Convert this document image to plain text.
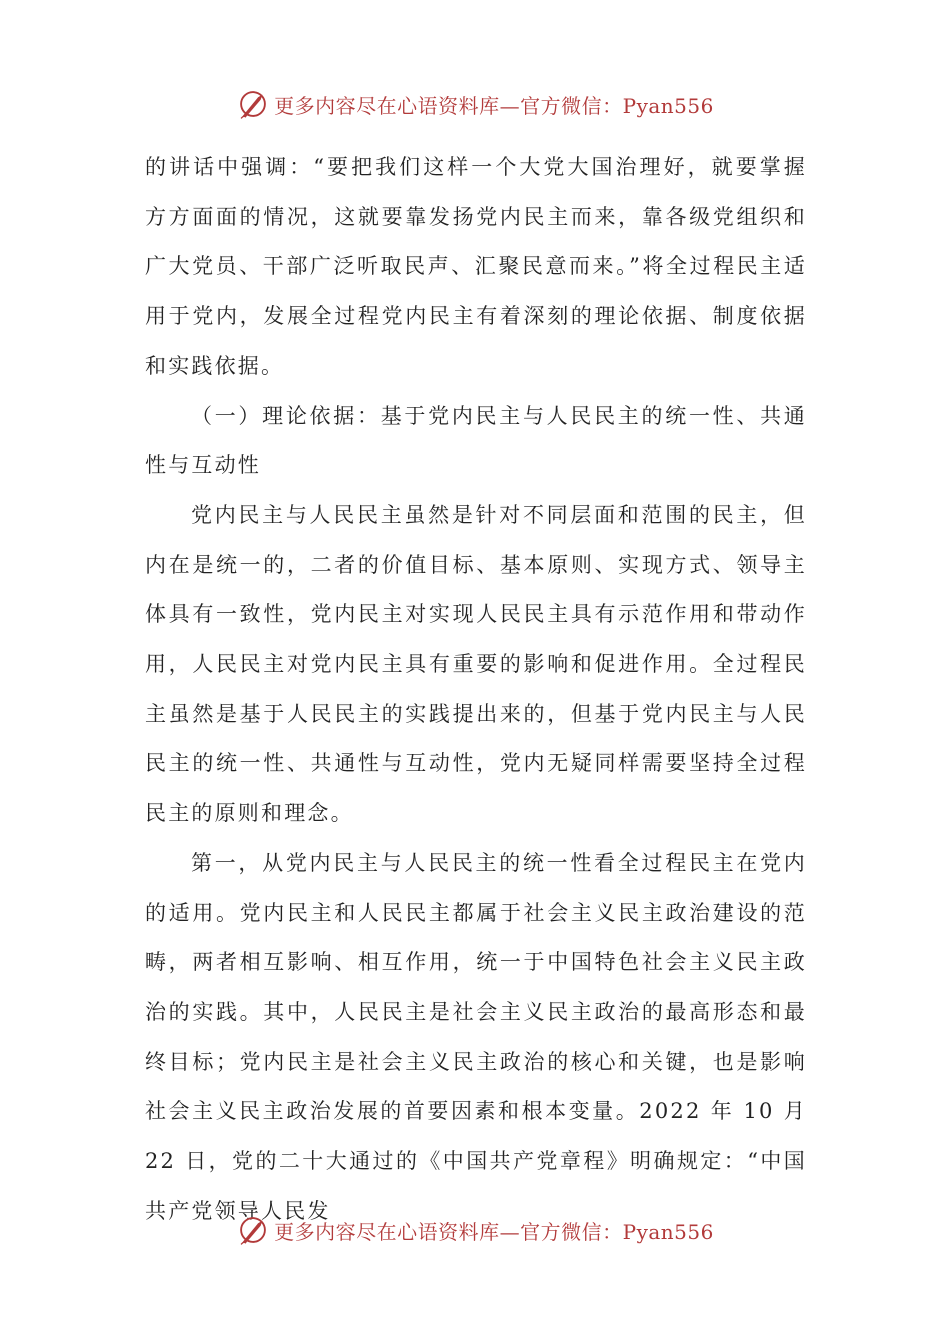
更多内容尽在心语资料库—官方微信：Pyan556

的讲话中强调：“要把我们这样一个大党大国治理好，就要掌握方方面面的情况，这就要靠发扬党内民主而来，靠各级党组织和广大党员、干部广泛听取民声、汇聚民意而来。”将全过程民主适用于党内，发展全过程党内民主有着深刻的理论依据、制度依据和实践依据。

（一）理论依据：基于党内民主与人民民主的统一性、共通性与互动性

党内民主与人民民主虽然是针对不同层面和范围的民主，但内在是统一的，二者的价值目标、基本原则、实现方式、领导主体具有一致性，党内民主对实现人民民主具有示范作用和带动作用，人民民主对党内民主具有重要的影响和促进作用。全过程民主虽然是基于人民民主的实践提出来的，但基于党内民主与人民民主的统一性、共通性与互动性，党内无疑同样需要坚持全过程民主的原则和理念。

第一，从党内民主与人民民主的统一性看全过程民主在党内的适用。党内民主和人民民主都属于社会主义民主政治建设的范畴，两者相互影响、相互作用，统一于中国特色社会主义民主政治的实践。其中，人民民主是社会主义民主政治的最高形态和最终目标；党内民主是社会主义民主政治的核心和关键，也是影响社会主义民主政治发展的首要因素和根本变量。2022 年 10 月 22 日，党的二十大通过的《中国共产党章程》明确规定：“中国共产党领导人民发

更多内容尽在心语资料库—官方微信：Pyan556
